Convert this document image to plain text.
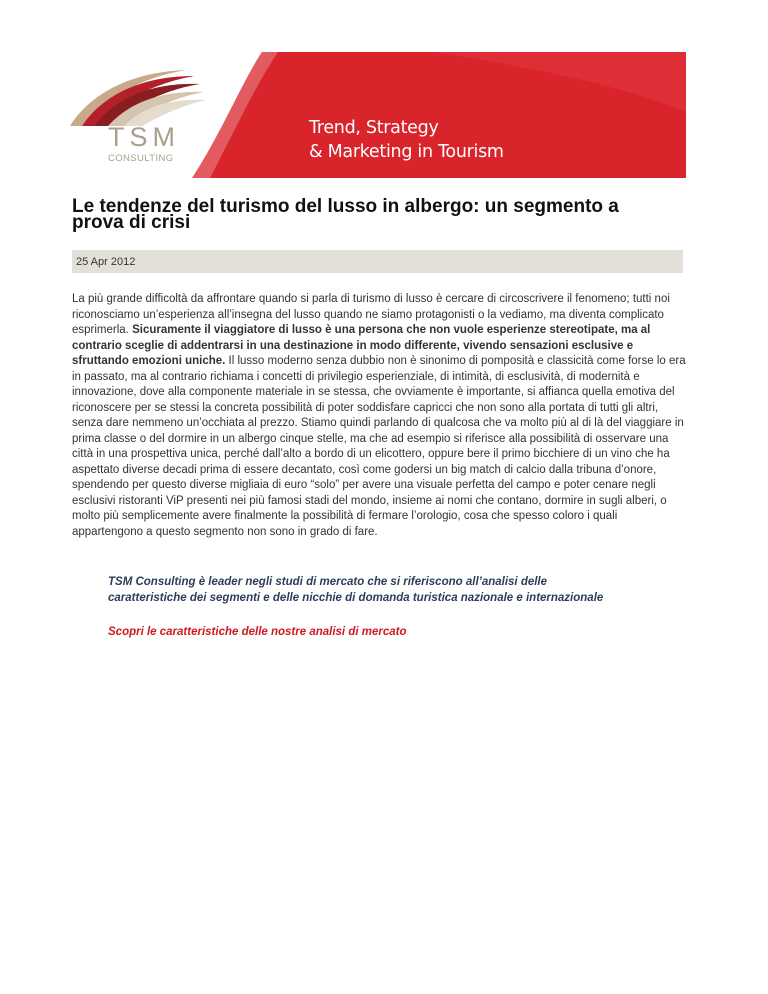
TSM
CONSULTING
Trend, Strategy
& Marketing in Tourism
Le tendenze del turismo del lusso in albergo: un segmento a prova di crisi
25 Apr 2012

La più grande difficoltà da affrontare quando si parla di turismo di lusso è cercare di circoscrivere il fenomeno; tutti noi riconosciamo un’esperienza all’insegna del lusso quando ne siamo protagonisti o la vediamo, ma diventa complicato esprimerla. Sicuramente il viaggiatore di lusso è una persona che non vuole esperienze stereotipate, ma al contrario sceglie di addentrarsi in una destinazione in modo differente, vivendo sensazioni esclusive e sfruttando emozioni uniche. Il lusso moderno senza dubbio non è sinonimo di pomposità e classicità come forse lo era in passato, ma al contrario richiama i concetti di privilegio esperienziale, di intimità, di esclusività, di modernità e innovazione, dove alla componente materiale in se stessa, che ovviamente è importante, si affianca quella emotiva del riconoscere per se stessi la concreta possibilità di poter soddisfare capricci che non sono alla portata di tutti gli altri, senza dare nemmeno un’occhiata al prezzo. Stiamo quindi parlando di qualcosa che va molto più al di là del viaggiare in prima classe o del dormire in un albergo cinque stelle, ma che ad esempio si riferisce alla possibilità di osservare una città in una prospettiva unica, perché dall’alto a bordo di un elicottero, oppure bere il primo bicchiere di un vino che ha aspettato diverse decadi prima di essere decantato, così come godersi un big match di calcio dalla tribuna d’onore, spendendo per questo diverse migliaia di euro “solo” per avere una visuale perfetta del campo e poter cenare negli esclusivi ristoranti ViP presenti nei più famosi stadi del mondo, insieme ai nomi che contano, dormire in sugli alberi, o molto più semplicemente avere finalmente la possibilità di fermare l’orologio, cosa che spesso coloro i quali appartengono a questo segmento non sono in grado di fare.

TSM Consulting è leader negli studi di mercato che si riferiscono all’analisi delle caratteristiche dei segmenti e delle nicchie di domanda turistica nazionale e internazionale

Scopri le caratteristiche delle nostre analisi di mercato
